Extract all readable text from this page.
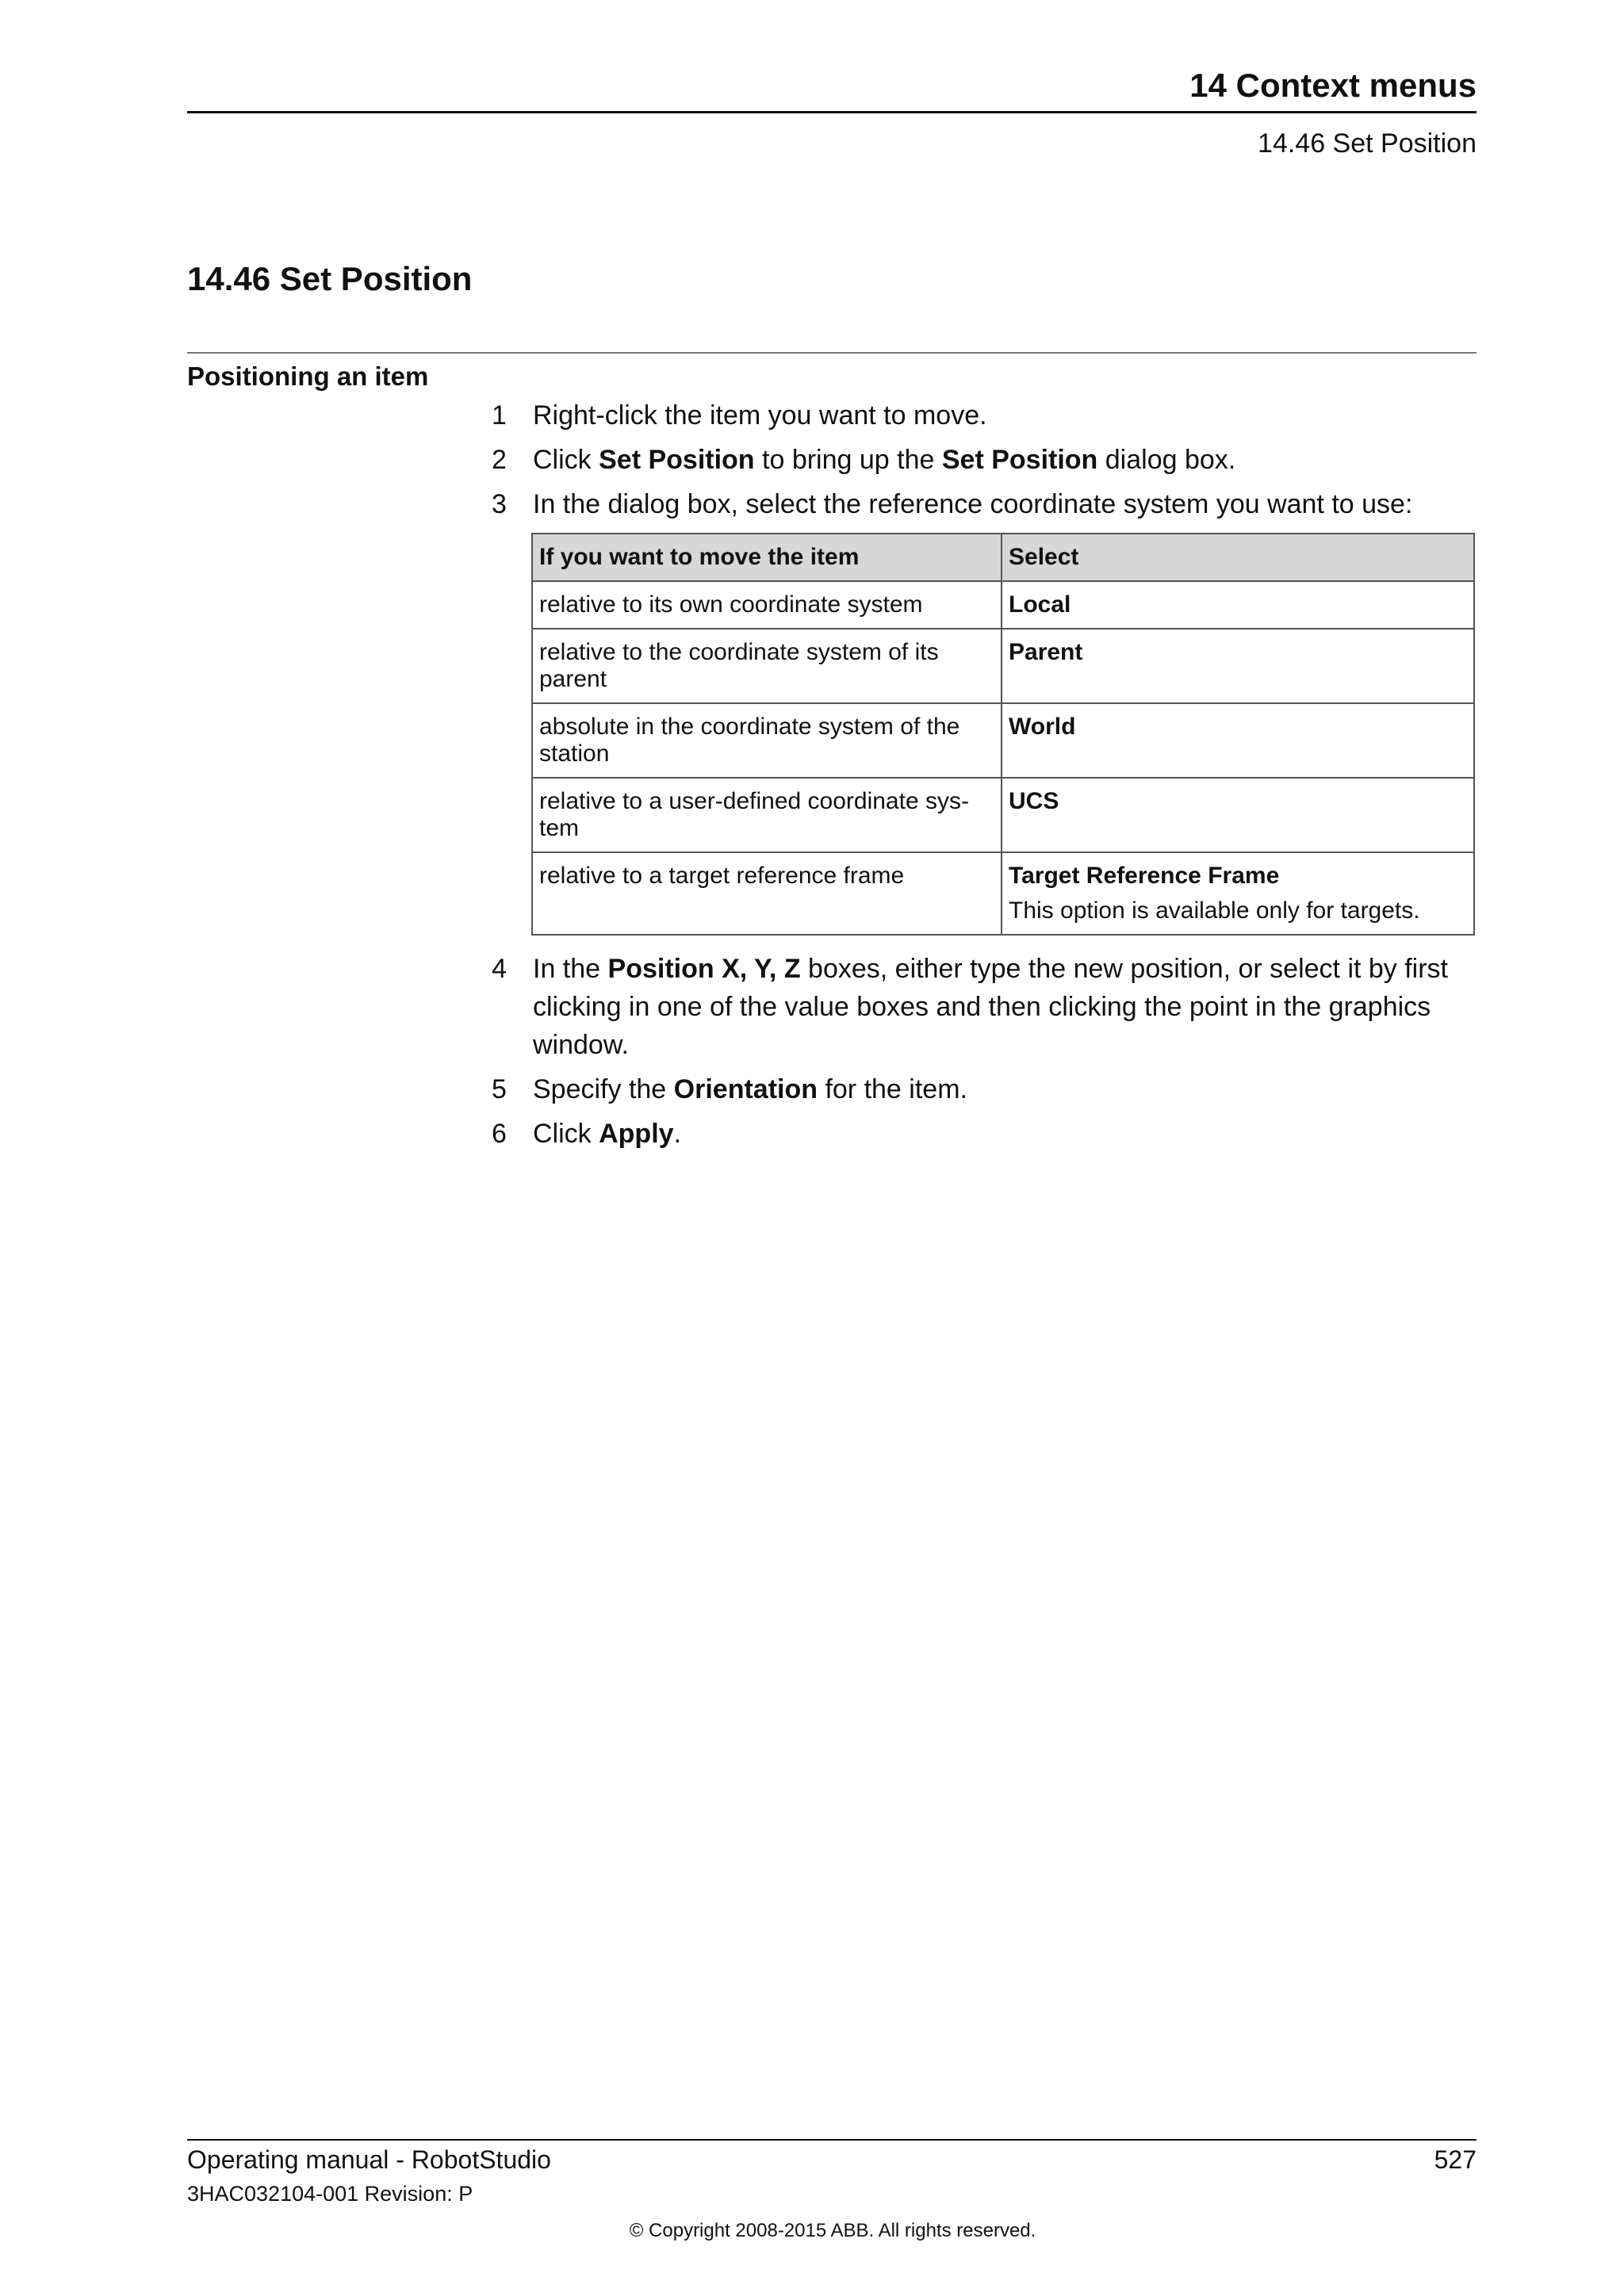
14 Context menus
14.46 Set Position
14.46 Set Position
Positioning an item
1 Right-click the item you want to move.
2 Click Set Position to bring up the Set Position dialog box.
3 In the dialog box, select the reference coordinate system you want to use:
If you want to move the item	Select
relative to its own coordinate system	Local
relative to the coordinate system of its parent	Parent
absolute in the coordinate system of the station	World
relative to a user-defined coordinate sys-tem	UCS
relative to a target reference frame	Target Reference Frame
This option is available only for targets.
4 In the Position X, Y, Z boxes, either type the new position, or select it by first clicking in one of the value boxes and then clicking the point in the graphics window.
5 Specify the Orientation for the item.
6 Click Apply.
Operating manual - RobotStudio	527
3HAC032104-001 Revision: P
© Copyright 2008-2015 ABB. All rights reserved.
